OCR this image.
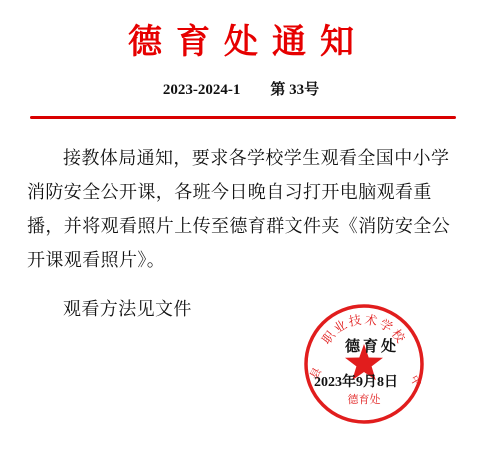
德育处通知
2023-2024-1 第 33号

接教体局通知，要求各学校学生观看全国中小学消防安全公开课，各班今日晚自习打开电脑观看重播，并将观看照片上传至德育群文件夹《消防安全公开课观看照片》。

观看方法见文件
职业技术学校
县	中
德育处
德育处
2023年9月8日
